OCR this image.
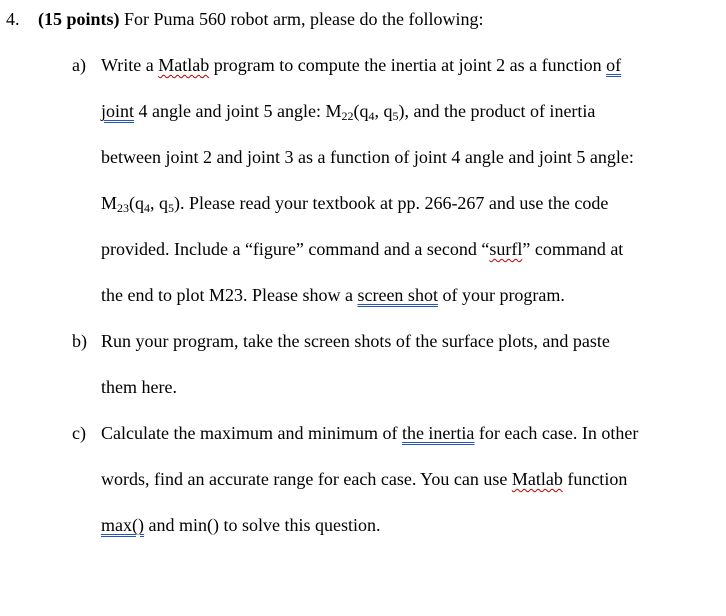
4. (15 points) For Puma 560 robot arm, please do the following:
a) Write a Matlab program to compute the inertia at joint 2 as a function of
joint 4 angle and joint 5 angle: $M_{22}(q_4$, $q_5$), and the product of inertia
between joint 2 and joint 3 as a function of joint 4 angle and joint 5 angle:
$M_{23}(q_4$, $q_5$). Please read your textbook at pp. 266-267 and use the code
provided. Include a “figure” command and a second “surfl” command at
the end to plot M23. Please show a screen shot of your program.
b) Run your program, take the screen shots of the surface plots, and paste
them here.
c) Calculate the maximum and minimum of the inertia for each case. In other
words, find an accurate range for each case. You can use Matlab function
max() and min() to solve this question.
